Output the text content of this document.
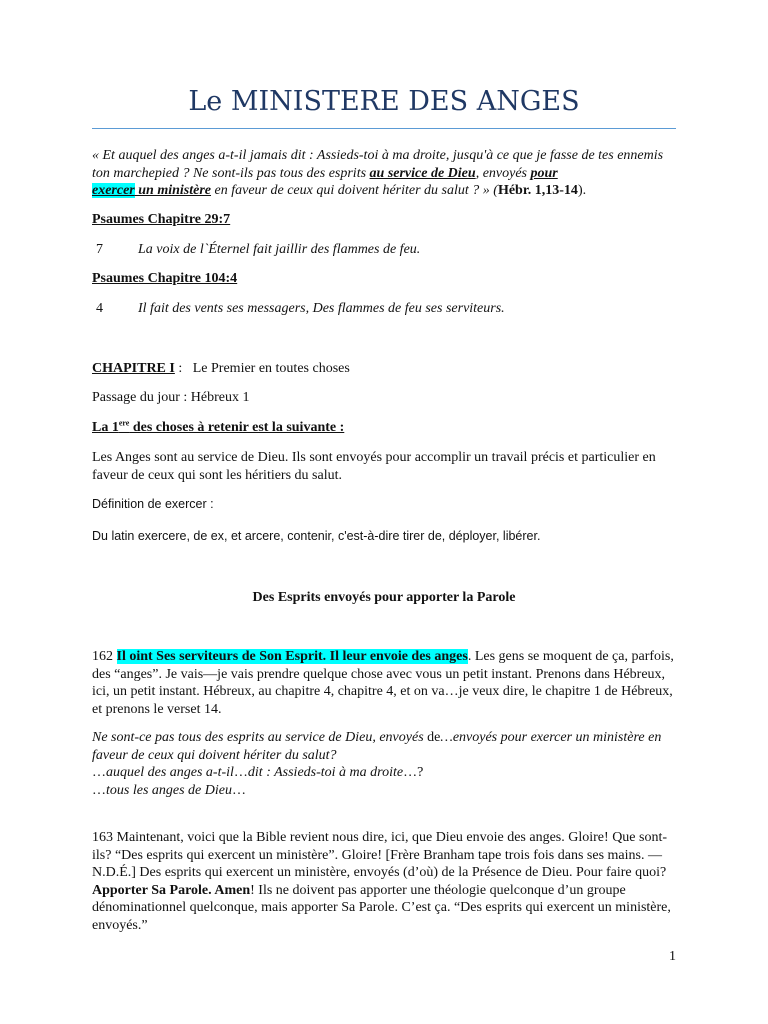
Le MINISTERE DES ANGES

« Et auquel des anges a-t-il jamais dit : Assieds-toi à ma droite, jusqu'à ce que je fasse de tes ennemis ton marchepied ? Ne sont-ils pas tous des esprits au service de Dieu, envoyés pour
exercer un ministère en faveur de ceux qui doivent hériter du salut ? » (Hébr. 1,13-14).

Psaumes Chapitre 29:7

7	La voix de l`Éternel fait jaillir des flammes de feu.

Psaumes Chapitre 104:4

4	Il fait des vents ses messagers, Des flammes de feu ses serviteurs.

CHAPITRE I :   Le Premier en toutes choses

Passage du jour : Hébreux 1

La 1ere des choses à retenir est la suivante :

Les Anges sont au service de Dieu. Ils sont envoyés pour accomplir un travail précis et particulier en faveur de ceux qui sont les héritiers du salut.

Définition de exercer :

Du latin exercere, de ex, et arcere, contenir, c'est-à-dire tirer de, déployer, libérer.

Des Esprits envoyés pour apporter la Parole

162 Il oint Ses serviteurs de Son Esprit. Il leur envoie des anges. Les gens se moquent de ça, parfois, des “anges”. Je vais—je vais prendre quelque chose avec vous un petit instant. Prenons dans Hébreux, ici, un petit instant. Hébreux, au chapitre 4, chapitre 4, et on va…je veux dire, le chapitre 1 de Hébreux, et prenons le verset 14.

Ne sont-ce pas tous des esprits au service de Dieu, envoyés de…envoyés pour exercer un ministère en faveur de ceux qui doivent hériter du salut?
…auquel des anges a-t-il…dit : Assieds-toi à ma droite…?
…tous les anges de Dieu…

163 Maintenant, voici que la Bible revient nous dire, ici, que Dieu envoie des anges. Gloire! Que sont-ils? “Des esprits qui exercent un ministère”. Gloire! [Frère Branham tape trois fois dans ses mains. — N.D.É.] Des esprits qui exercent un ministère, envoyés (d’où) de la Présence de Dieu. Pour faire quoi? Apporter Sa Parole. Amen! Ils ne doivent pas apporter une théologie quelconque d’un groupe dénominationnel quelconque, mais apporter Sa Parole. C’est ça. “Des esprits qui exercent un ministère, envoyés.”

1
